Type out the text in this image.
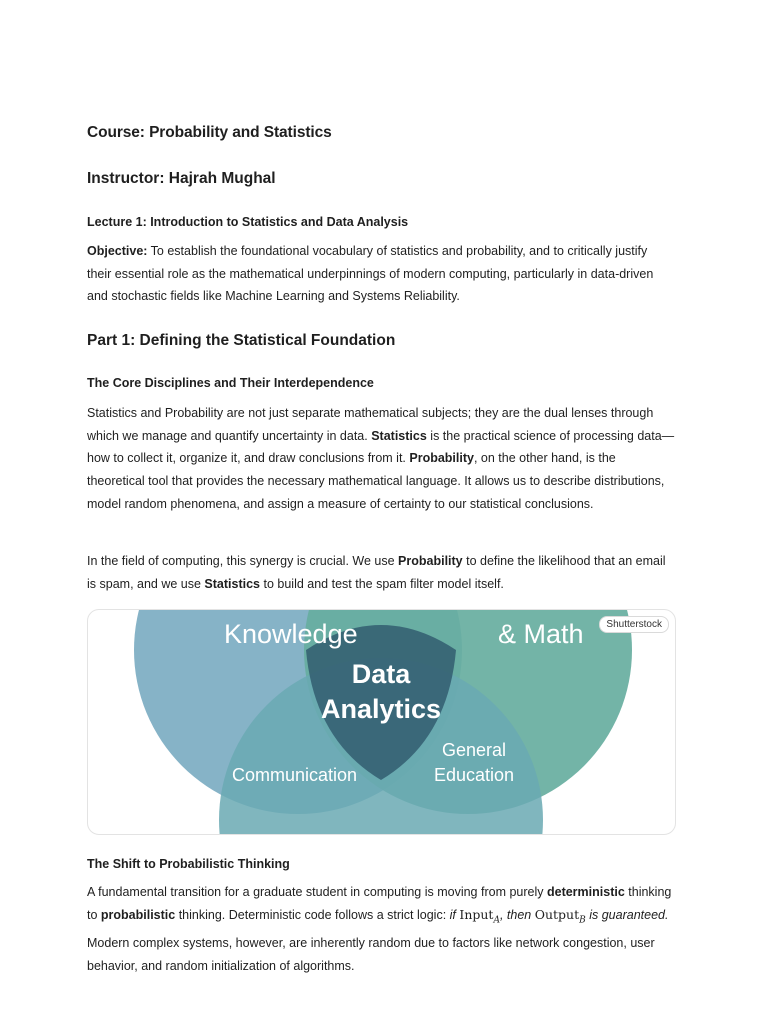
Course: Probability and Statistics
Instructor: Hajrah Mughal
Lecture 1: Introduction to Statistics and Data Analysis

Objective: To establish the foundational vocabulary of statistics and probability, and to critically justify their essential role as the mathematical underpinnings of modern computing, particularly in data-driven and stochastic fields like Machine Learning and Systems Reliability.

Part 1: Defining the Statistical Foundation
The Core Disciplines and Their Interdependence

Statistics and Probability are not just separate mathematical subjects; they are the dual lenses through which we manage and quantify uncertainty in data. Statistics is the practical science of processing data—how to collect it, organize it, and draw conclusions from it. Probability, on the other hand, is the theoretical tool that provides the necessary mathematical language. It allows us to describe distributions, model random phenomena, and assign a measure of certainty to our statistical conclusions.

In the field of computing, this synergy is crucial. We use Probability to define the likelihood that an email is spam, and we use Statistics to build and test the spam filter model itself.

Knowledge	& Math
Data
Analytics
Communication
General
Education
Shutterstock
The Shift to Probabilistic Thinking

A fundamental transition for a graduate student in computing is moving from purely deterministic thinking to probabilistic thinking. Deterministic code follows a strict logic: if Input$_A$, then Output$_B$ is guaranteed. Modern complex systems, however, are inherently random due to factors like network congestion, user behavior, and random initialization of algorithms.
